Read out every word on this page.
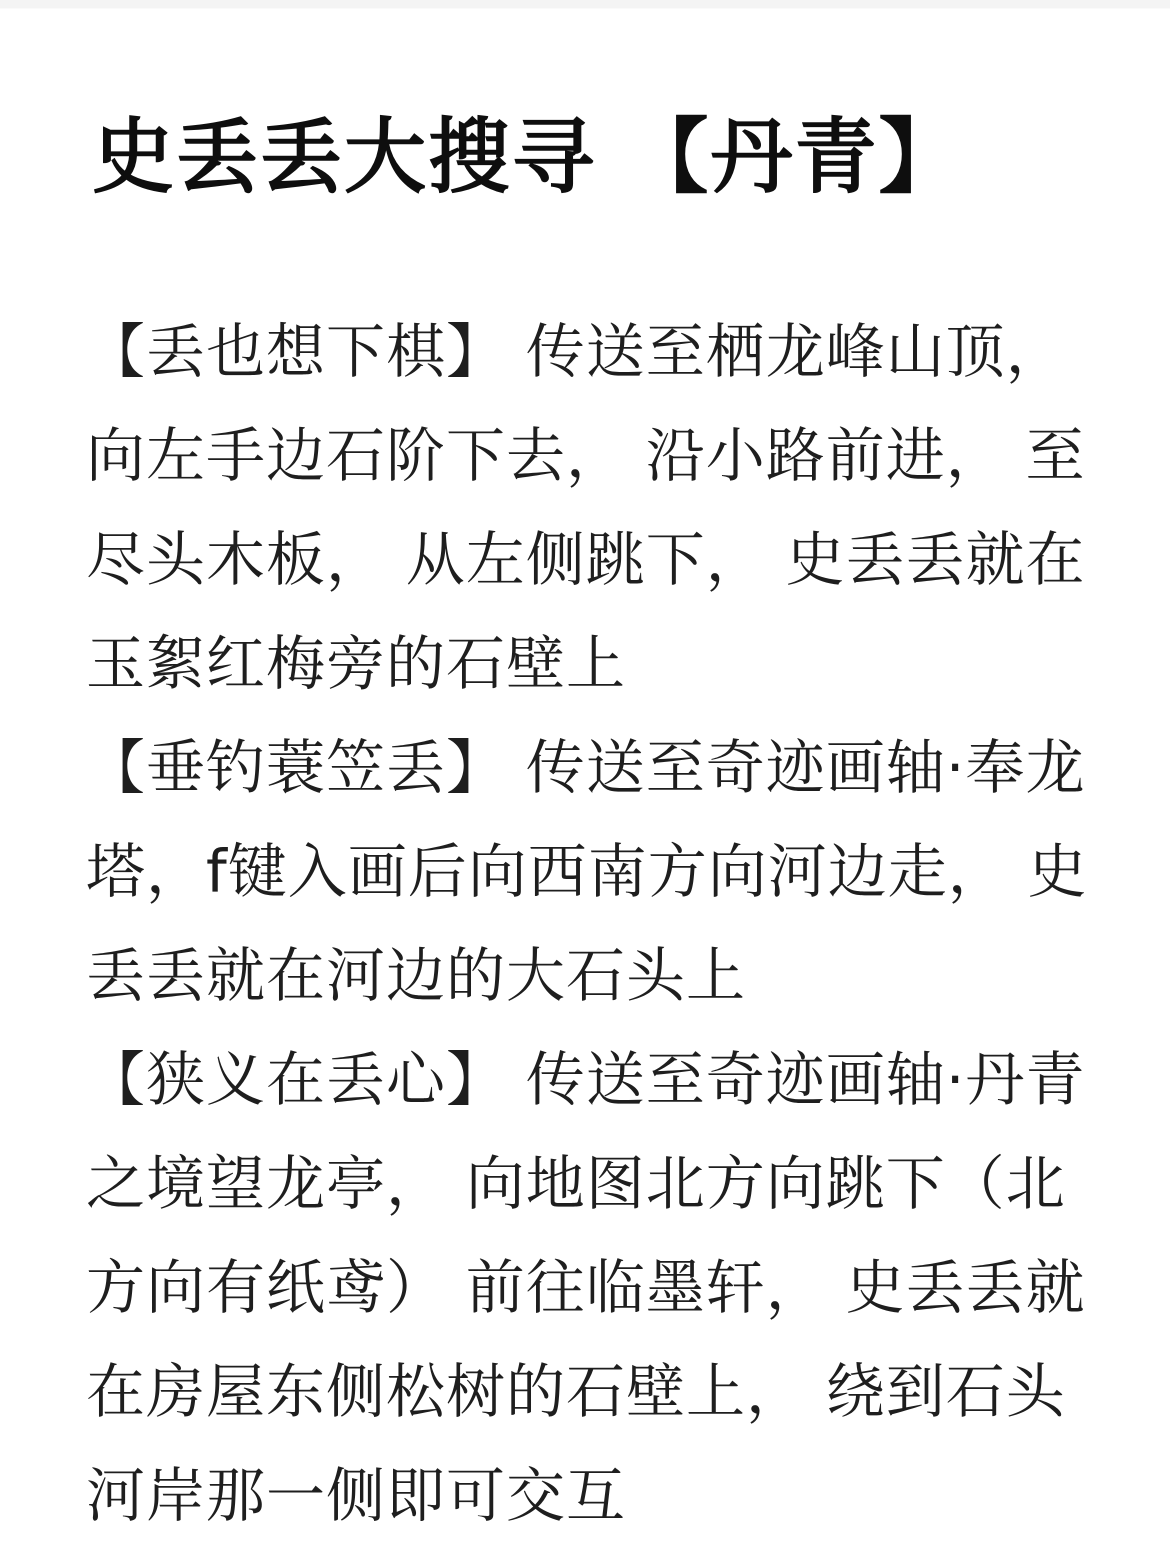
史丢丢大搜寻 【丹青】
【丢也想下棋】 传送至栖龙峰山顶，
向左手边石阶下去， 沿小路前进， 至
尽头木板， 从左侧跳下， 史丢丢就在
玉絮红梅旁的石壁上
【垂钓蓑笠丢】 传送至奇迹画轴·奉龙
塔，f键入画后向西南方向河边走， 史
丢丢就在河边的大石头上
【狭义在丢心】 传送至奇迹画轴·丹青
之境望龙亭， 向地图北方向跳下（北
方向有纸鸢） 前往临墨轩， 史丢丢就
在房屋东侧松树的石壁上， 绕到石头
河岸那一侧即可交互
